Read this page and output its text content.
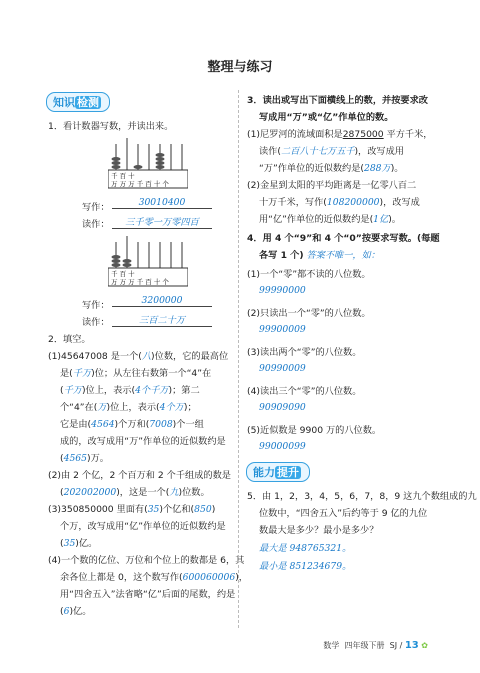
整理与练习
知识 检测
1．看计数器写数，并读出来。
千 百 十
万 万 万 千 百 十 个
写作：	30010400
读作：	三千零一万零四百
千 百 十
万 万 万 千 百 十 个
写作：	3200000
读作：	三百二十万
2．填空。
(1)45647008 是一个(八)位数，它的最高位
是(千万)位；从左往右数第一个“4”在
(千万)位上，表示(4个千万)；第二
个“4”在(万)位上，表示(4个万)；
它是由(4564)个万和(7008)个一组
成的，改写成用“万”作单位的近似数约是
(4565)万。
(2)由 2 个亿，2 个百万和 2 个千组成的数是
(202002000)，这是一个(九)位数。
(3)350850000 里面有(35)个亿和(850)
个万，改写成用“亿”作单位的近似数约是
(35)亿。
(4)一个数的亿位、万位和个位上的数都是 6，其
余各位上都是 0，这个数写作(600060006)，
用“四舍五入”法省略“亿”后面的尾数，约是
(6)亿。
3．读出或写出下面横线上的数，并按要求改
写成用“万”或“亿”作单位的数。
(1)尼罗河的流域面积是2875000 平方千米，
读作(二百八十七万五千)，改写成用
“万”作单位的近似数约是(288万)。
(2)金星到太阳的平均距离是一亿零八百二
十万千米，写作(108200000)，改写成
用“亿”作单位的近似数约是(1亿)。
4．用 4 个“9”和 4 个“0”按要求写数。(每题
各写 1 个) 答案不唯一，如：
(1)一个“零”都不读的八位数。
99990000
(2)只读出一个“零”的八位数。
99900009
(3)读出两个“零”的八位数。
90990009
(4)读出三个“零”的八位数。
90909090
(5)近似数是 9900 万的八位数。
99000099
能力 提升
5．由 1，2，3，4，5，6，7，8，9 这九个数组成的九
位数中，“四舍五入”后约等于 9 亿的九位
数最大是多少？最小是多少？
最大是 948765321。
最小是 851234679。
数学 四年级下册 SJ / 13 ✿
